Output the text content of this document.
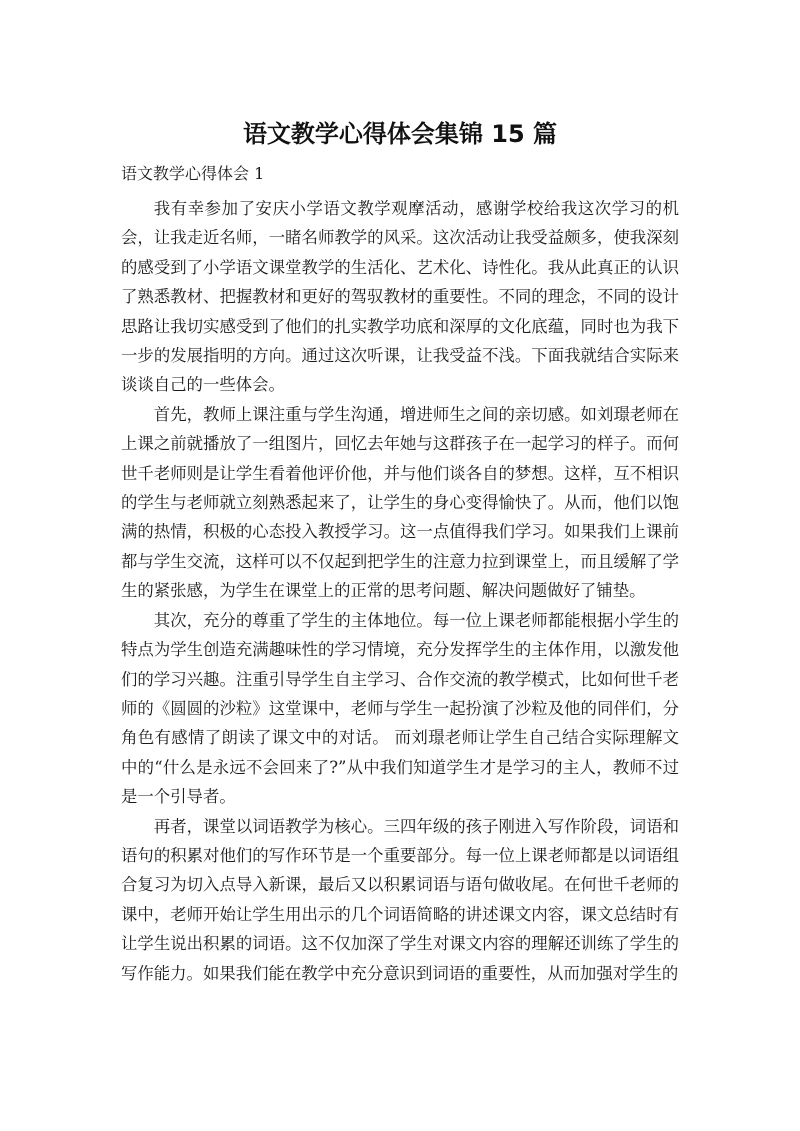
语文教学心得体会集锦 15 篇

语文教学心得体会 1

我有幸参加了安庆小学语文教学观摩活动，感谢学校给我这次学习的机会，让我走近名师，一睹名师教学的风采。这次活动让我受益颇多，使我深刻的感受到了小学语文课堂教学的生活化、艺术化、诗性化。我从此真正的认识了熟悉教材、把握教材和更好的驾驭教材的重要性。不同的理念，不同的设计思路让我切实感受到了他们的扎实教学功底和深厚的文化底蕴，同时也为我下一步的发展指明的方向。通过这次听课，让我受益不浅。下面我就结合实际来谈谈自己的一些体会。

首先，教师上课注重与学生沟通，增进师生之间的亲切感。如刘璟老师在上课之前就播放了一组图片，回忆去年她与这群孩子在一起学习的样子。而何世千老师则是让学生看着他评价他，并与他们谈各自的梦想。这样，互不相识的学生与老师就立刻熟悉起来了，让学生的身心变得愉快了。从而，他们以饱满的热情，积极的心态投入教授学习。这一点值得我们学习。如果我们上课前都与学生交流，这样可以不仅起到把学生的注意力拉到课堂上，而且缓解了学生的紧张感，为学生在课堂上的正常的思考问题、解决问题做好了铺垫。

其次，充分的尊重了学生的主体地位。每一位上课老师都能根据小学生的特点为学生创造充满趣味性的学习情境，充分发挥学生的主体作用，以激发他们的学习兴趣。注重引导学生自主学习、合作交流的教学模式，比如何世千老师的《圆圆的沙粒》这堂课中，老师与学生一起扮演了沙粒及他的同伴们，分角色有感情了朗读了课文中的对话。 而刘璟老师让学生自己结合实际理解文中的“什么是永远不会回来了?”从中我们知道学生才是学习的主人，教师不过是一个引导者。

再者，课堂以词语教学为核心。三四年级的孩子刚进入写作阶段，词语和语句的积累对他们的写作环节是一个重要部分。每一位上课老师都是以词语组合复习为切入点导入新课，最后又以积累词语与语句做收尾。在何世千老师的课中，老师开始让学生用出示的几个词语简略的讲述课文内容，课文总结时有让学生说出积累的词语。这不仅加深了学生对课文内容的理解还训练了学生的写作能力。如果我们能在教学中充分意识到词语的重要性，从而加强对学生的
